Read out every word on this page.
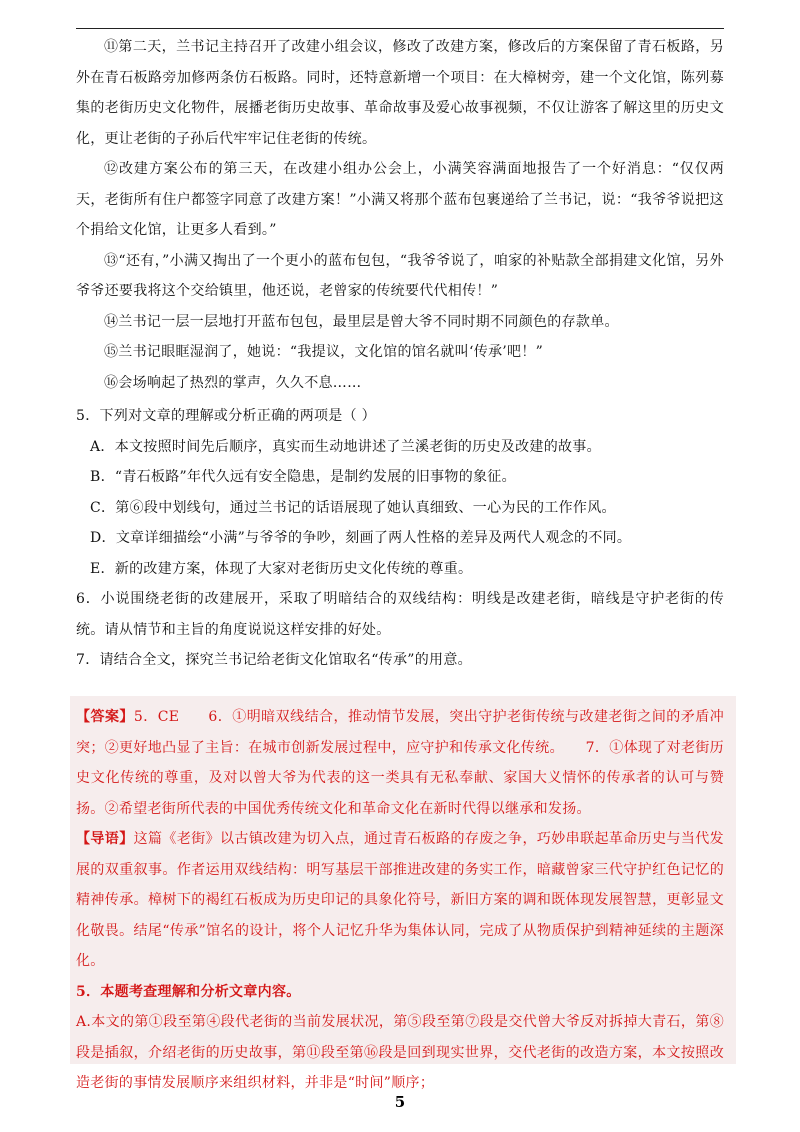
⑪第二天，兰书记主持召开了改建小组会议，修改了改建方案，修改后的方案保留了青石板路，另外在青石板路旁加修两条仿石板路。同时，还特意新增一个项目：在大樟树旁，建一个文化馆，陈列募集的老街历史文化物件，展播老街历史故事、革命故事及爱心故事视频，不仅让游客了解这里的历史文化，更让老街的子孙后代牢牢记住老街的传统。

⑫改建方案公布的第三天，在改建小组办公会上，小满笑容满面地报告了一个好消息：“仅仅两天，老街所有住户都签字同意了改建方案！”小满又将那个蓝布包裹递给了兰书记，说：“我爷爷说把这个捐给文化馆，让更多人看到。”

⑬“还有，”小满又掏出了一个更小的蓝布包包，“我爷爷说了，咱家的补贴款全部捐建文化馆，另外爷爷还要我将这个交给镇里，他还说，老曾家的传统要代代相传！”

⑭兰书记一层一层地打开蓝布包包，最里层是曾大爷不同时期不同颜色的存款单。

⑮兰书记眼眶湿润了，她说：“我提议，文化馆的馆名就叫‘传承’吧！”

⑯会场响起了热烈的掌声，久久不息……

5．下列对文章的理解或分析正确的两项是（ ）

A．本文按照时间先后顺序，真实而生动地讲述了兰溪老街的历史及改建的故事。

B．“青石板路”年代久远有安全隐患，是制约发展的旧事物的象征。

C．第⑥段中划线句，通过兰书记的话语展现了她认真细致、一心为民的工作作风。

D．文章详细描绘“小满”与爷爷的争吵，刻画了两人性格的差异及两代人观念的不同。

E．新的改建方案，体现了大家对老街历史文化传统的尊重。

6．小说围绕老街的改建展开，采取了明暗结合的双线结构：明线是改建老街，暗线是守护老街的传统。请从情节和主旨的角度说说这样安排的好处。

7．请结合全文，探究兰书记给老街文化馆取名“传承”的用意。

【答案】5．CE　　6．①明暗双线结合，推动情节发展，突出守护老街传统与改建老街之间的矛盾冲突；②更好地凸显了主旨：在城市创新发展过程中，应守护和传承文化传统。　　7．①体现了对老街历史文化传统的尊重，及对以曾大爷为代表的这一类具有无私奉献、家国大义情怀的传承者的认可与赞扬。②希望老街所代表的中国优秀传统文化和革命文化在新时代得以继承和发扬。

【导语】这篇《老街》以古镇改建为切入点，通过青石板路的存废之争，巧妙串联起革命历史与当代发展的双重叙事。作者运用双线结构：明写基层干部推进改建的务实工作，暗藏曾家三代守护红色记忆的精神传承。樟树下的褐红石板成为历史印记的具象化符号，新旧方案的调和既体现发展智慧，更彰显文化敬畏。结尾“传承”馆名的设计，将个人记忆升华为集体认同，完成了从物质保护到精神延续的主题深化。

5．本题考查理解和分析文章内容。

A.本文的第①段至第④段代老街的当前发展状况，第⑤段至第⑦段是交代曾大爷反对拆掉大青石，第⑧段是插叙，介绍老街的历史故事，第⑪段至第⑯段是回到现实世界，交代老街的改造方案，本文按照改造老街的事情发展顺序来组织材料，并非是“时间”顺序；

5
